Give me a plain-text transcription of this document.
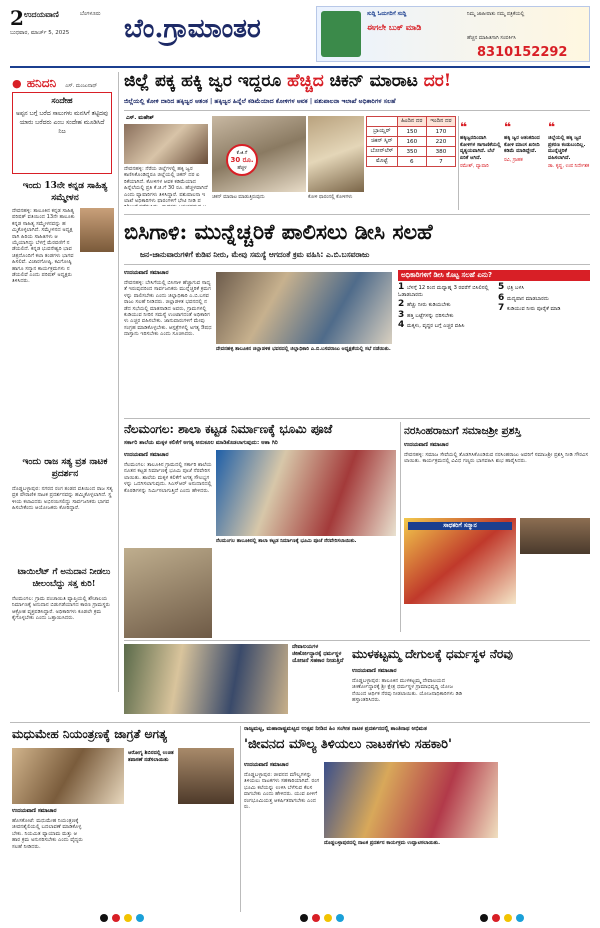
2 ಉದಯವಾಣಿ	ಬೆಂಗಳೂರು
ಬುಧವಾರ, ಮಾರ್ಚ್ 5, 2025 ಬೆಂ.ಗ್ರಾಮಾಂತರ	ಸುದ್ದಿ ಓದುಗರಿಗೆ ಸುದ್ದಿ
ಈಗಲೇ ಬುಕ್ ಮಾಡಿ
ನಿಮ್ಮ ಜಾಹೀರಾತು ನಮ್ಮ ಪತ್ರಿಕೆಯಲ್ಲಿ
ಹೆಚ್ಚಿನ ಮಾಹಿತಿಗಾಗಿ ಸಂಪರ್ಕಿಸಿ
8310152292
● ಹನಿದನಿ ಎಸ್. ಮಂಜುನಾಥ್
ಸಂದೇಹ
ಅಪ್ಪನ ಬಗ್ಗೆ ಬರೆದ ಸಾಲುಗಳು ಮನಸಿಗೆ ತಟ್ಟಿದವು ಯಾರು ಬರೆದರು ಎಂಬ ಸಂದೇಹ ಮೂಡಿಸಿದೆ ನಿಜ
ಇಂದು 13ನೇ ಕನ್ನಡ ಸಾಹಿತ್ಯ ಸಮ್ಮೇಳನ
ದೇವನಹಳ್ಳಿ: ತಾಲೂಕಿನ ಕನ್ನಡ ಸಾಹಿತ್ಯ ಪರಿಷತ್ ವತಿಯಿಂದ 13ನೇ ತಾಲೂಕು ಕನ್ನಡ ಸಾಹಿತ್ಯ ಸಮ್ಮೇಳನವನ್ನು ಹಮ್ಮಿಕೊಳ್ಳಲಾಗಿದೆ. ಸಮ್ಮೇಳನದ ಅಧ್ಯಕ್ಷರಾಗಿ ಹಿರಿಯ ಸಾಹಿತಿಗಳು ಆಯ್ಕೆಯಾಗಿದ್ದು ಬೆಳಗ್ಗೆ ಮೆರವಣಿಗೆ ನಡೆಯಲಿದೆ. ಕನ್ನಡ ಭುವನೇಶ್ವರಿ ಭಾವಚಿತ್ರದೊಂದಿಗೆ ಕಲಾ ತಂಡಗಳು ಭಾಗವಹಿಸಲಿವೆ. ವಿಚಾರಗೋಷ್ಠಿ, ಕವಿಗೋಷ್ಠಿ ಹಾಗೂ ಸನ್ಮಾನ ಕಾರ್ಯಕ್ರಮಗಳು ನಡೆಯಲಿವೆ ಎಂದು ಪರಿಷತ್ ಅಧ್ಯಕ್ಷರು ತಿಳಿಸಿದರು.
ಇಂದು ರಾಜ ಸತ್ಯ ವ್ರತ ನಾಟಕ ಪ್ರದರ್ಶನ
ದೊಡ್ಡಬಳ್ಳಾಪುರ: ನಗರದ ರಂಗ ತಂಡದ ವತಿಯಿಂದ ರಾಜ ಸತ್ಯ ವ್ರತ ಪೌರಾಣಿಕ ನಾಟಕ ಪ್ರದರ್ಶನವನ್ನು ಹಮ್ಮಿಕೊಳ್ಳಲಾಗಿದೆ. ಸ್ಥಳೀಯ ಕಲಾವಿದರು ಅಭಿನಯಿಸಲಿದ್ದು ಸಾರ್ವಜನಿಕರು ಭಾಗವಹಿಸಬೇಕೆಂದು ಆಯೋಜಕರು ಕೋರಿದ್ದಾರೆ.
ಟಾಯಿಲೆಟ್ ಗೆ ಅನುದಾನ ನೀಡಲು ಚೀಲಂಬೆದ್ದು ಸತ್ತ ಕುರಿ!
ನೆಲಮಂಗಲ: ಗ್ರಾಮ ಪಂಚಾಯಿತಿ ವ್ಯಾಪ್ತಿಯಲ್ಲಿ ಶೌಚಾಲಯ ನಿರ್ಮಾಣಕ್ಕೆ ಅನುದಾನ ಬಿಡುಗಡೆಯಾಗದ ಕಾರಣ ಗ್ರಾಮಸ್ಥರು ಆಕ್ರೋಶ ವ್ಯಕ್ತಪಡಿಸಿದ್ದಾರೆ. ಅಧಿಕಾರಿಗಳು ಕೂಡಲೇ ಕ್ರಮ ಕೈಗೊಳ್ಳಬೇಕು ಎಂದು ಒತ್ತಾಯಿಸಿದರು.
ಜಿಲ್ಲೆ ಪಕ್ಕ ಹಕ್ಕಿ ಜ್ವರ ಇದ್ದರೂ ಹೆಚ್ಚಿದ ಚಿಕನ್ ಮಾರಾಟ ದರ!
ಜಿಲ್ಲೆಯಲ್ಲಿ ಕೋಳಿ ದಾರಿದ ಹಕ್ಕಿಜ್ವರ ಆತಂಕ | ಹಕ್ಕಿಜ್ವರ ಹಿನ್ನೆಲೆ ಕಡಿಮೆಯಾದ ಕೋಳಿಗಳ ಆವಕ | ಪಶುಪಾಲನಾ ಇಲಾಖೆ ಅಧಿಕಾರಿಗಳ ಸಲಹೆ
ಎಸ್. ಮಹೇಶ್
ದೇವನಹಳ್ಳಿ: ನೆರೆಯ ಜಿಲ್ಲೆಗಳಲ್ಲಿ ಹಕ್ಕಿ ಜ್ವರ ಕಾಣಿಸಿಕೊಂಡಿದ್ದರೂ ಜಿಲ್ಲೆಯಲ್ಲಿ ಚಿಕನ್ ದರ ಏರಿಕೆಯಾಗಿದೆ. ಕೋಳಿಗಳ ಆವಕ ಕಡಿಮೆಯಾದ ಹಿನ್ನೆಲೆಯಲ್ಲಿ ಪ್ರತಿ ಕೆ.ಜಿ.ಗೆ 30 ರೂ. ಹೆಚ್ಚಳವಾಗಿದೆ ಎಂದು ವ್ಯಾಪಾರಿಗಳು ತಿಳಿಸಿದ್ದಾರೆ. ಪಶುಪಾಲನಾ ಇಲಾಖೆ ಅಧಿಕಾರಿಗಳು ಫಾರಂಗಳಿಗೆ ಭೇಟಿ ನೀಡಿ ಪ
ಕೆ.ಜಿ.ಗೆ
30 ರೂ.
ಹೆಚ್ಚಳ
ಚಿಕನ್ ಮಾರಾಟ ಮಾಡುತ್ತಿರುವುದು	ಕೋಳಿ ಫಾರಂನಲ್ಲಿ ಕೋಳಿಗಳು
	ಹಿಂದಿನ ದರ	ಇಂದಿನ ದರ
ಬ್ರಾಯ್ಲರ್	150	170
ಚಿಕನ್ ಸ್ಕಿನ್	160	220
ಬೋನ್‌ಲೆಸ್	350	380
ಮೊಟ್ಟೆ	6	7
❝
ಹಕ್ಕಿಜ್ವರದಿಂದಾಗಿ ಕೋಳಿಗಳ ಸಾಗಾಣಿಕೆಯಲ್ಲಿ ವ್ಯತ್ಯಯವಾಗಿದೆ. ಬೆಲೆ ಏರಿಕೆ ಆಗಿದೆ.
ರಮೇಶ್, ವ್ಯಾಪಾರಿ
❝
ಹಕ್ಕಿ ಜ್ವರ ಆತಂಕದಿಂದ ಕೋಳಿ ಮಾಂಸ ಖರೀದಿ ಕಡಿಮೆ ಮಾಡಿದ್ದೇವೆ.
ರವಿ, ಗ್ರಾಹಕ
❝
ಜಿಲ್ಲೆಯಲ್ಲಿ ಹಕ್ಕಿ ಜ್ವರ ಪ್ರಕರಣ ಕಂಡುಬಂದಿಲ್ಲ. ಮುನ್ನೆಚ್ಚರಿಕೆ ವಹಿಸಲಾಗಿದೆ.
ಡಾ. ಕೃಷ್ಣ, ಉಪ ನಿರ್ದೇಶಕ
ಬಿಸಿಗಾಳಿ: ಮುನ್ನೆಚ್ಚರಿಕೆ ಪಾಲಿಸಲು ಡೀಸಿ ಸಲಹೆ
ಜನ-ಜಾನುವಾರುಗಳಿಗೆ ಕುಡಿವ ನೀರು, ಮೇವು ಸಮಸ್ಯೆ ಆಗದಂತೆ ಕ್ರಮ ವಹಿಸಿ: ಎ.ಬಿ.ಬಸವರಾಜು
ಉದಯವಾಣಿ ಸಮಾಚಾರ
ದೇವನಹಳ್ಳಿ: ಬೇಸಿಗೆಯಲ್ಲಿ ಬಿಸಿಗಾಳಿ ಹೆಚ್ಚಾಗುವ ಸಾಧ್ಯತೆ ಇರುವುದರಿಂದ ಸಾರ್ವಜನಿಕರು ಮುನ್ನೆಚ್ಚರಿಕೆ ಕ್ರಮಗಳನ್ನು ಪಾಲಿಸಬೇಕು ಎಂದು ಜಿಲ್ಲಾಧಿಕಾರಿ ಎ.ಬಿ.ಬಸವರಾಜು ಸಲಹೆ ನೀಡಿದರು. ಜಿಲ್ಲಾಡಳಿತ ಭವನದಲ್ಲಿ ನಡೆದ ಸಭೆಯಲ್ಲಿ ಮಾತನಾಡಿದ ಅವರು, ಗ್ರಾಮಗಳಲ್ಲಿ ಕುಡಿಯುವ ನೀರಿನ ಸಮಸ್ಯೆ ಉಂಟಾಗದಂತೆ ಅಧಿಕಾರಿಗಳು ಎಚ್ಚರ ವಹಿಸಬೇಕು. ಜಾನುವಾರುಗಳಿಗೆ ಮೇವು ಸಂಗ್ರಹ ಮಾಡಿಕೊಳ್ಳಬೇಕು. ಆಸ್ಪತ್ರೆಗಳಲ್ಲಿ ಅಗತ್ಯ ಔಷಧ ದಾಸ್ತಾನು ಇರಿಸಬೇಕು ಎಂದು ಸೂಚಿಸಿದರು.
ದೇವನಹಳ್ಳಿ ತಾಲೂಕಿನ ಜಿಲ್ಲಾಡಳಿತ ಭವನದಲ್ಲಿ ಜಿಲ್ಲಾಧಿಕಾರಿ ಎ.ಬಿ.ಬಸವರಾಜು ಅಧ್ಯಕ್ಷತೆಯಲ್ಲಿ ಸಭೆ ನಡೆಯಿತು.
ಅಧಿಕಾರಿಗಳಿಗೆ ಡೀಸಿ ಕೊಟ್ಟ ಸಲಹೆ ಏನು?
1 ಬೆಳಗ್ಗೆ 12 ರಿಂದ ಮಧ್ಯಾಹ್ನ 3 ರವರೆಗೆ ಬಿಸಿಲಿನಲ್ಲಿ ಓಡಾಡಬಾರದು
2 ಹೆಚ್ಚು ನೀರು ಕುಡಿಯಬೇಕು
3 ಹತ್ತಿ ಬಟ್ಟೆಗಳನ್ನು ಧರಿಸಬೇಕು
4 ಮಕ್ಕಳು, ವೃದ್ಧರ ಬಗ್ಗೆ ಎಚ್ಚರ ವಹಿಸಿ
5 ಛತ್ರಿ ಬಳಸಿ
6 ಮದ್ಯಪಾನ ಮಾಡಬಾರದು
7 ಕುಡಿಯುವ ನೀರು ಪೂರೈಕೆ ಮಾಡಿ
ನೆಲಮಂಗಲ: ಶಾಲಾ ಕಟ್ಟಡ ನಿರ್ಮಾಣಕ್ಕೆ ಭೂಮಿ ಪೂಜೆ
ಸರ್ಕಾರಿ ಶಾಲೆಯ ಮಕ್ಕಳ ಕಲಿಕೆಗೆ ಅಗತ್ಯ ಅನುಕೂಲ ಮಾಡಿಕೊಡಲಾಗುವುದು: ಆಶಾ ಗಿರಿ
ಉದಯವಾಣಿ ಸಮಾಚಾರ
ನೆಲಮಂಗಲ: ತಾಲೂಕಿನ ಗ್ರಾಮದಲ್ಲಿ ಸರ್ಕಾರಿ ಶಾಲೆಯ ನೂತನ ಕಟ್ಟಡ ನಿರ್ಮಾಣಕ್ಕೆ ಭೂಮಿ ಪೂಜೆ ನೆರವೇರಿಸಲಾಯಿತು. ಶಾಲೆಯ ಮಕ್ಕಳ ಕಲಿಕೆಗೆ ಅಗತ್ಯ ಸೌಲಭ್ಯಗಳನ್ನು ಒದಗಿಸಲಾಗುವುದು. ಸಿಎಸ್‌ಆರ್ ಅನುದಾನದಲ್ಲಿ ಕೊಠಡಿಗಳನ್ನು ನಿರ್ಮಿಸಲಾಗುತ್ತಿದೆ ಎಂದು ಹೇಳಿದರು.
ನೆಲಮಂಗಲ ತಾಲೂಕಿನಲ್ಲಿ ಶಾಲಾ ಕಟ್ಟಡ ನಿರ್ಮಾಣಕ್ಕೆ ಭೂಮಿ ಪೂಜೆ ನೆರವೇರಿಸಲಾಯಿತು.
ನರಸಿಂಹರಾಜುಗೆ ಸಮಾಜಶ್ರೀ ಪ್ರಶಸ್ತಿ
ಉದಯವಾಣಿ ಸಮಾಚಾರ
ದೇವನಹಳ್ಳಿ: ಸಮಾಜ ಸೇವೆಯಲ್ಲಿ ತೊಡಗಿಸಿಕೊಂಡಿರುವ ನರಸಿಂಹರಾಜು ಅವರಿಗೆ ಸಮಾಜಶ್ರೀ ಪ್ರಶಸ್ತಿ ನೀಡಿ ಗೌರವಿಸಲಾಯಿತು. ಕಾರ್ಯಕ್ರಮದಲ್ಲಿ ವಿವಿಧ ಗಣ್ಯರು ಭಾಗವಹಿಸಿ ಶುಭ ಹಾರೈಸಿದರು.
ಸಾಧಕರಿಗೆ ಸನ್ಮಾನ
ದೇವಾಲಯಗಳ ಜೀರ್ಣೋದ್ಧಾರಕ್ಕೆ ಧರ್ಮಸ್ಥಳ ಯೋಜನೆ ಸಹಕಾರ ನೀಡುತ್ತಿದೆ ಮುಳಕಟ್ಟಮ್ಮ ದೇಗುಲಕ್ಕೆ ಧರ್ಮಸ್ಥಳ ನೆರವು
ಉದಯವಾಣಿ ಸಮಾಚಾರ
ದೊಡ್ಡಬಳ್ಳಾಪುರ: ತಾಲೂಕಿನ ಮುಳಕಟ್ಟಮ್ಮ ದೇವಾಲಯದ ಜೀರ್ಣೋದ್ಧಾರಕ್ಕೆ ಶ್ರೀ ಕ್ಷೇತ್ರ ಧರ್ಮಸ್ಥಳ ಗ್ರಾಮಾಭಿವೃದ್ಧಿ ಯೋಜನೆಯಿಂದ ಆರ್ಥಿಕ ನೆರವು ನೀಡಲಾಯಿತು. ಯೋಜನಾಧಿಕಾರಿಗಳು ಡಿಡಿ ಹಸ್ತಾಂತರಿಸಿದರು.
ಮಧುಮೇಹ ನಿಯಂತ್ರಣಕ್ಕೆ ಜಾಗ್ರತೆ ಅಗತ್ಯ
ಆರೋಗ್ಯ ಶಿಬಿರದಲ್ಲಿ ಉಚಿತ ತಪಾಸಣೆ ನಡೆಸಲಾಯಿತು
ಉದಯವಾಣಿ ಸಮಾಚಾರ
ಹೊಸಕೋಟೆ: ಮಧುಮೇಹ ನಿಯಂತ್ರಣಕ್ಕೆ ಜೀವನಶೈಲಿಯಲ್ಲಿ ಬದಲಾವಣೆ ಮಾಡಿಕೊಳ್ಳಬೇಕು. ನಿಯಮಿತ ವ್ಯಾಯಾಮ ಮತ್ತು ಆಹಾರ ಕ್ರಮ ಅನುಸರಿಸಬೇಕು ಎಂದು ವೈದ್ಯರು ಸಲಹೆ ನೀಡಿದರು.
ರಾಜ್ಯಮಟ್ಟ, ಮಹಾರಾಷ್ಟ್ರಮಟ್ಟದ ಉತ್ಸವ ನೀಡಿದ ಹಿಂ ಸಂಗೀತ ನಾಟಕ ಪ್ರದರ್ಶನದಲ್ಲಿ ಶಾಂತಿನಾಥ ಅಭಿಮತ
'ಜೀವನದ ಮೌಲ್ಯ ತಿಳಿಯಲು ನಾಟಕಗಳು ಸಹಕಾರಿ'
ಉದಯವಾಣಿ ಸಮಾಚಾರ
ದೊಡ್ಡಬಳ್ಳಾಪುರ: ಜೀವನದ ಮೌಲ್ಯಗಳನ್ನು ತಿಳಿಯಲು ನಾಟಕಗಳು ಸಹಕಾರಿಯಾಗಿವೆ. ರಂಗಭೂಮಿ ಕಲೆಯನ್ನು ಉಳಿಸಿ ಬೆಳೆಸುವ ಕೆಲಸವಾಗಬೇಕು ಎಂದು ಹೇಳಿದರು. ಯುವ ಪೀಳಿಗೆ ರಂಗಭೂಮಿಯತ್ತ ಆಕರ್ಷಿತರಾಗಬೇಕು ಎಂದರು.
ದೊಡ್ಡಬಳ್ಳಾಪುರದಲ್ಲಿ ನಾಟಕ ಪ್ರದರ್ಶನ ಕಾರ್ಯಕ್ರಮ ಉದ್ಘಾಟಿಸಲಾಯಿತು.
